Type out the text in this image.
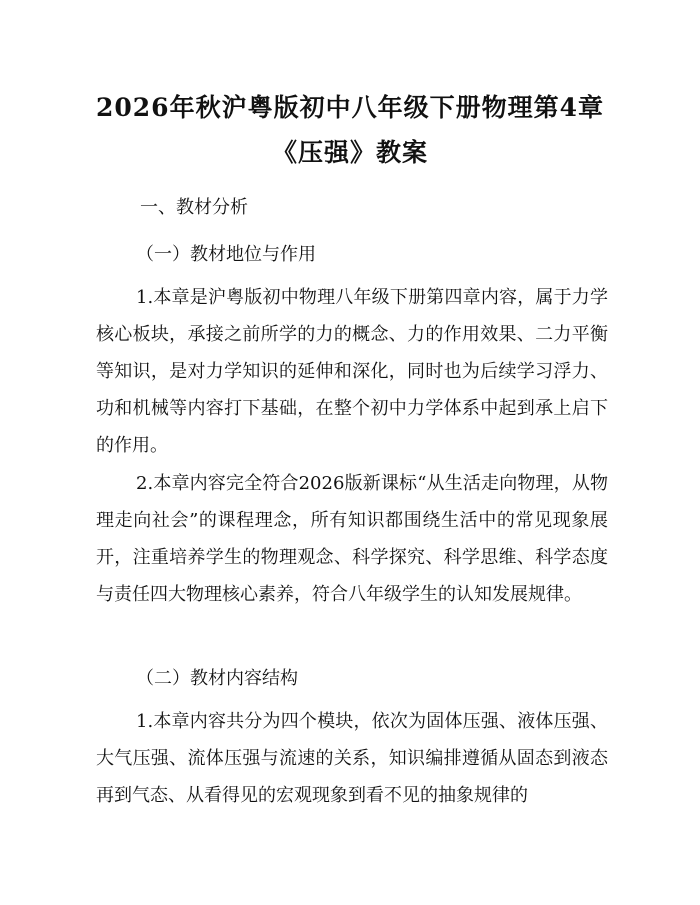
2026年秋沪粤版初中八年级下册物理第4章
《压强》教案
一、教材分析
（一）教材地位与作用
1.本章是沪粤版初中物理八年级下册第四章内容，属于力学核心板块，承接之前所学的力的概念、力的作用效果、二力平衡等知识，是对力学知识的延伸和深化，同时也为后续学习浮力、功和机械等内容打下基础，在整个初中力学体系中起到承上启下的作用。
2.本章内容完全符合2026版新课标“从生活走向物理，从物理走向社会”的课程理念，所有知识都围绕生活中的常见现象展开，注重培养学生的物理观念、科学探究、科学思维、科学态度与责任四大物理核心素养，符合八年级学生的认知发展规律。
（二）教材内容结构
1.本章内容共分为四个模块，依次为固体压强、液体压强、大气压强、流体压强与流速的关系，知识编排遵循从固态到液态再到气态、从看得见的宏观现象到看不见的抽象规律的
